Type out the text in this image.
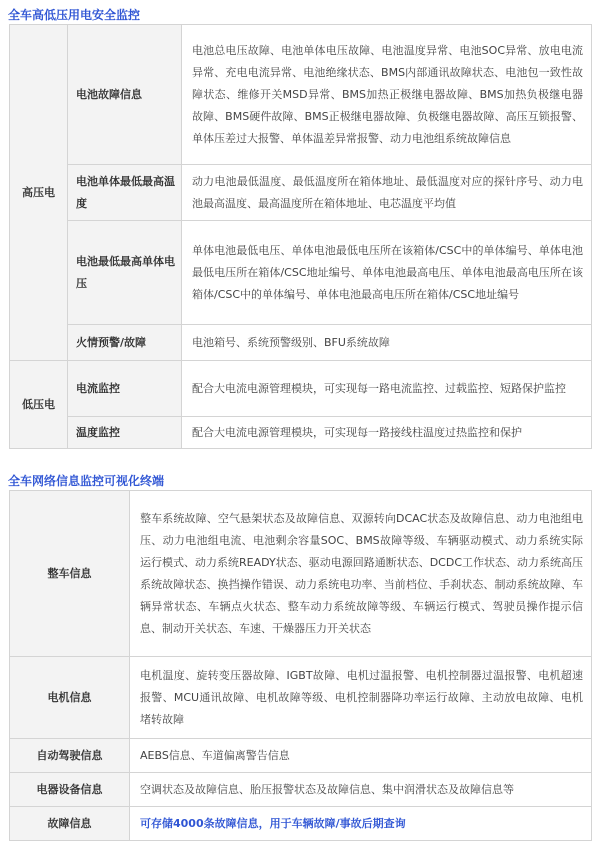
全车高低压用电安全监控
高压电	电池故障信息	电池总电压故障、电池单体电压故障、电池温度异常、电池SOC异常、放电电流异常、充电电流异常、电池绝缘状态、BMS内部通讯故障状态、电池包一致性故障状态、维修开关MSD异常、BMS加热正极继电器故障、BMS加热负极继电器故障、BMS硬件故障、BMS正极继电器故障、负极继电器故障、高压互锁报警、单体压差过大报警、单体温差异常报警、动力电池组系统故障信息
	电池单体最低最高温度	动力电池最低温度、最低温度所在箱体地址、最低温度对应的探针序号、动力电池最高温度、最高温度所在箱体地址、电芯温度平均值
	电池最低最高单体电压	单体电池最低电压、单体电池最低电压所在该箱体/CSC中的单体编号、单体电池最低电压所在箱体/CSC地址编号、单体电池最高电压、单体电池最高电压所在该箱体/CSC中的单体编号、单体电池最高电压所在箱体/CSC地址编号
	火情预警/故障	电池箱号、系统预警级别、BFU系统故障
低压电	电流监控	配合大电流电源管理模块，可实现每一路电流监控、过载监控、短路保护监控
	温度监控	配合大电流电源管理模块，可实现每一路接线柱温度过热监控和保护
全车网络信息监控可视化终端
整车信息	整车系统故障、空气悬架状态及故障信息、双源转向DCAC状态及故障信息、动力电池组电压、动力电池组电流、电池剩余容量SOC、BMS故障等级、车辆驱动模式、动力系统实际运行模式、动力系统READY状态、驱动电源回路通断状态、DCDC工作状态、动力系统高压系统故障状态、换挡操作错误、动力系统电功率、当前档位、手刹状态、制动系统故障、车辆异常状态、车辆点火状态、整车动力系统故障等级、车辆运行模式、驾驶员操作提示信息、制动开关状态、车速、干燥器压力开关状态
电机信息	电机温度、旋转变压器故障、IGBT故障、电机过温报警、电机控制器过温报警、电机超速报警、MCU通讯故障、电机故障等级、电机控制器降功率运行故障、主动放电故障、电机堵转故障
自动驾驶信息	AEBS信息、车道偏离警告信息
电器设备信息	空调状态及故障信息、胎压报警状态及故障信息、集中润滑状态及故障信息等
故障信息	可存储4000条故障信息，用于车辆故障/事故后期查询
